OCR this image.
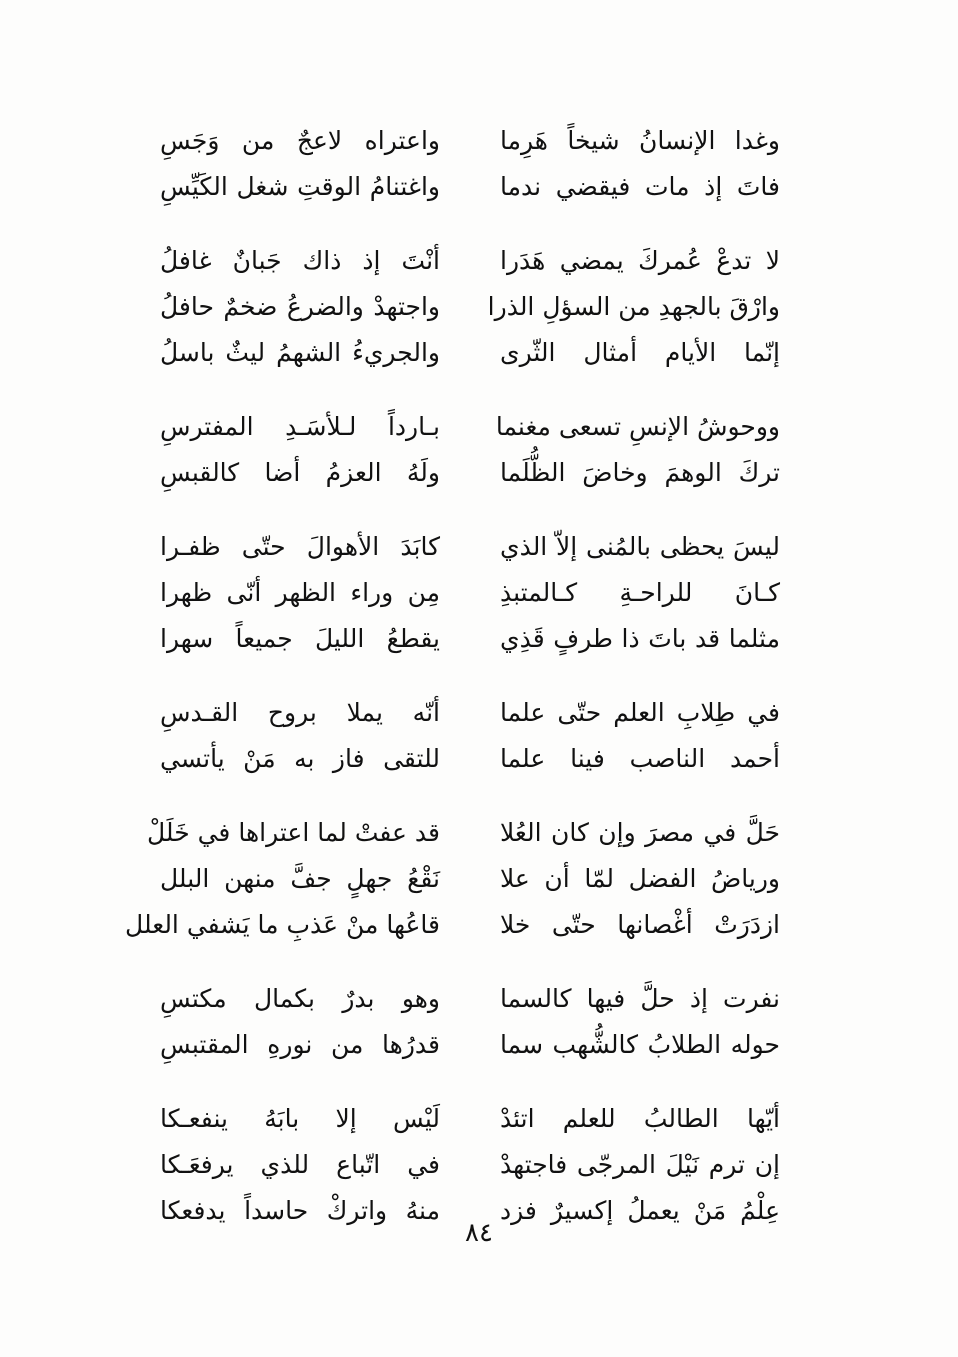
وغدا الإنسانُ شيخاً هَرِما
واعتراه لاعجٌ من وَجَسِ
فاتَ إذ مات فيقضي ندما
واغتنامُ الوقتِ شغل الكَيِّسِ
لا تدعْ عُمركَ يمضي هَدَرا
أنْتَ إذ ذاك جَبانٌ غافلُ
وارْقَ بالجهدِ من السؤلِ الذرا
واجتهدْ والضرعُ ضخمٌ حافلُ
إنّما الأيام أمثال الثّرى
والجريءُ الشهمُ ليثٌ باسلُ
ووحوشُ الإنسِ تسعى مغنما
بـارداً لـلأسَـدِ المفترسِ
تركَ الوهمَ وخاضَ الظُّلَما
ولَهُ العزمُ أضا كالقبسِ
ليسَ يحظى بالمُنى إلاّ الذي
كابَدَ الأهوالَ حتّى ظفـرا
كـانَ للراحـةِ كـالمتبذِ
مِن وراء الظهر أنّى ظهرا
مثلما قد باتَ ذا طرفٍ قَذِي
يقطعُ الليلَ جميعاً سهرا
في طِلابِ العلم حتّى علما
أنّه يملا بروح القـدسِ
أحمد الناصب فينا علما
للتقى فاز به مَنْ يأتسي
حَلَّ في مصرَ وإن كان العُلا
قد عفتْ لما اعتراها في خَلَلْ
ورياضُ الفضل لمّا أن علا
نَقْعُ جهلٍ جفَّ منهن البلل
ازدَرَتْ أغْصانها حتّى خلا
قاعُها منْ عَذبِ ما يَشفي العلل
نفرت إذ حلَّ فيها كالسما
وهو بدرٌ بكمال مكتسِ
حوله الطلابُ كالشُّهب سما
قدرُها من نورهِ المقتبسِ
أيّها الطالبُ للعلم اتئدْ
لَيْس إلا بابَهُ ينفعـكا
إن ترم نَيْلَ المرجّى فاجتهدْ
في اتّباع للذي يرفعَـكا
عِلْمُ مَنْ يعملُ إكسيرٌ فزد
منهُ واتركْ حاسداً يدفعكا
٨٤
